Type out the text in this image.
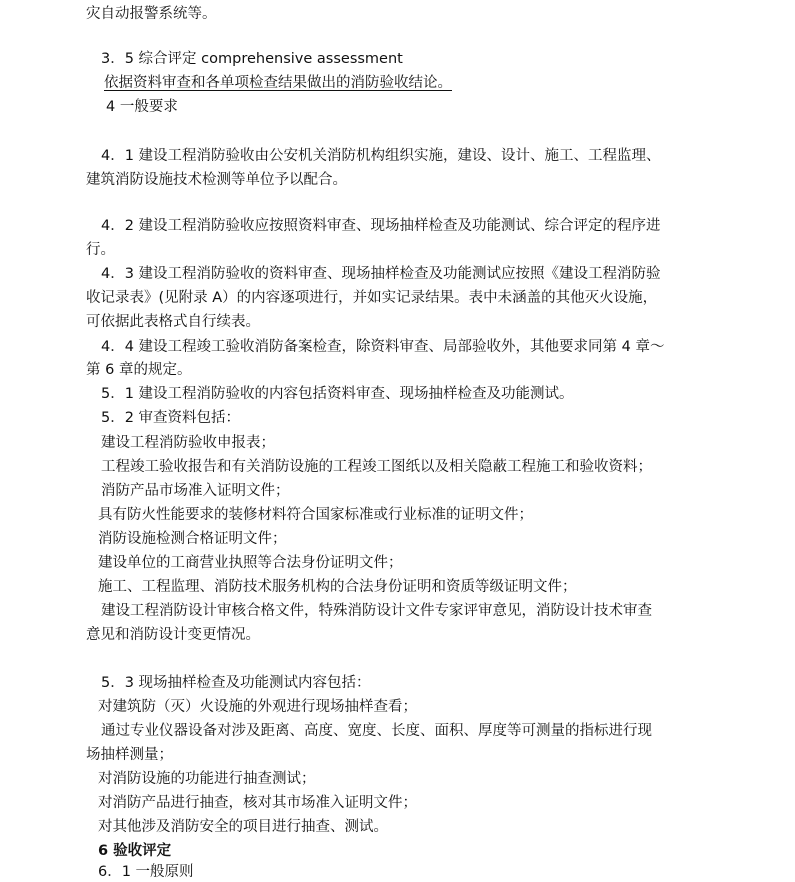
灾自动报警系统等。
3．5 综合评定 comprehensive assessment
依据资料审查和各单项检查结果做出的消防验收结论。
4 一般要求
4．1 建设工程消防验收由公安机关消防机构组织实施，建设、设计、施工、工程监理、
建筑消防设施技术检测等单位予以配合。
4．2 建设工程消防验收应按照资料审查、现场抽样检查及功能测试、综合评定的程序进
行。
4．3 建设工程消防验收的资料审查、现场抽样检查及功能测试应按照《建设工程消防验
收记录表》(见附录 A）的内容逐项进行，并如实记录结果。表中未涵盖的其他灭火设施，
可依据此表格式自行续表。
4．4 建设工程竣工验收消防备案检查，除资料审查、局部验收外，其他要求同第 4 章～
第 6 章的规定。
5．1 建设工程消防验收的内容包括资料审查、现场抽样检查及功能测试。
5．2 审查资料包括：
建设工程消防验收申报表；
工程竣工验收报告和有关消防设施的工程竣工图纸以及相关隐蔽工程施工和验收资料；
消防产品市场准入证明文件；
具有防火性能要求的装修材料符合国家标准或行业标准的证明文件；
消防设施检测合格证明文件；
建设单位的工商营业执照等合法身份证明文件；
施工、工程监理、消防技术服务机构的合法身份证明和资质等级证明文件；
建设工程消防设计审核合格文件，特殊消防设计文件专家评审意见，消防设计技术审查
意见和消防设计变更情况。
5．3 现场抽样检查及功能测试内容包括：
对建筑防（灭）火设施的外观进行现场抽样查看；
通过专业仪器设备对涉及距离、高度、宽度、长度、面积、厚度等可测量的指标进行现
场抽样测量；
对消防设施的功能进行抽查测试；
对消防产品进行抽查，核对其市场准入证明文件；
对其他涉及消防安全的项目进行抽查、测试。
6 验收评定
6．1 一般原则
